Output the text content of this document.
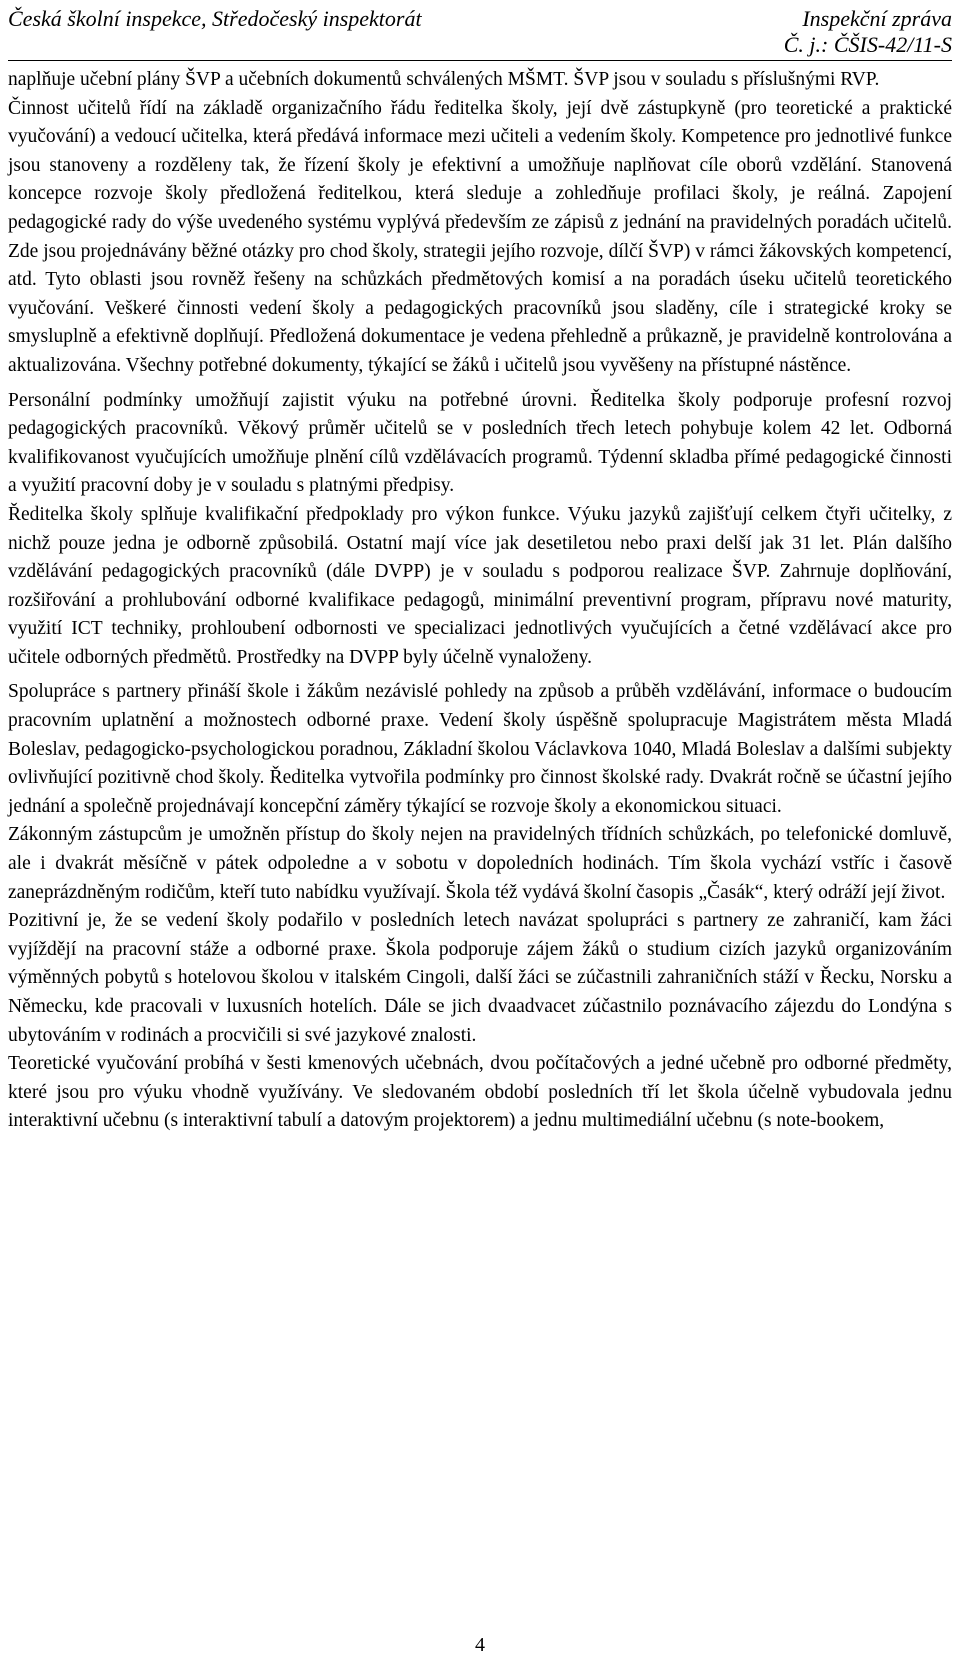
Česká školní inspekce, Středočeský inspektorát	Inspekční zpráva
Č. j.: ČŠIS-42/11-S

naplňuje učební plány ŠVP a učebních dokumentů schválených MŠMT. ŠVP jsou v souladu s příslušnými RVP.

Činnost učitelů řídí na základě organizačního řádu ředitelka školy, její dvě zástupkyně (pro teoretické a praktické vyučování) a vedoucí učitelka, která předává informace mezi učiteli a vedením školy. Kompetence pro jednotlivé funkce jsou stanoveny a rozděleny tak, že řízení školy je efektivní a umožňuje naplňovat cíle oborů vzdělání. Stanovená koncepce rozvoje školy předložená ředitelkou, která sleduje a zohledňuje profilaci školy, je reálná. Zapojení pedagogické rady do výše uvedeného systému vyplývá především ze zápisů z jednání na pravidelných poradách učitelů. Zde jsou projednávány běžné otázky pro chod školy, strategii jejího rozvoje, dílčí ŠVP) v rámci žákovských kompetencí, atd. Tyto oblasti jsou rovněž řešeny na schůzkách předmětových komisí a na poradách úseku učitelů teoretického vyučování. Veškeré činnosti vedení školy a pedagogických pracovníků jsou sladěny, cíle i strategické kroky se smysluplně a efektivně doplňují. Předložená dokumentace je vedena přehledně a průkazně, je pravidelně kontrolována a aktualizována. Všechny potřebné dokumenty, týkající se žáků i učitelů jsou vyvěšeny na přístupné nástěnce.

Personální podmínky umožňují zajistit výuku na potřebné úrovni. Ředitelka školy podporuje profesní rozvoj pedagogických pracovníků. Věkový průměr učitelů se v posledních třech letech pohybuje kolem 42 let. Odborná kvalifikovanost vyučujících umožňuje plnění cílů vzdělávacích programů. Týdenní skladba přímé pedagogické činnosti a využití pracovní doby je v souladu s platnými předpisy.

Ředitelka školy splňuje kvalifikační předpoklady pro výkon funkce. Výuku jazyků zajišťují celkem čtyři učitelky, z nichž pouze jedna je odborně způsobilá. Ostatní mají více jak desetiletou nebo praxi delší jak 31 let. Plán dalšího vzdělávání pedagogických pracovníků (dále DVPP) je v souladu s podporou realizace ŠVP. Zahrnuje doplňování, rozšiřování a prohlubování odborné kvalifikace pedagogů, minimální preventivní program, přípravu nové maturity, využití ICT techniky, prohloubení odbornosti ve specializaci jednotlivých vyučujících a četné vzdělávací akce pro učitele odborných předmětů. Prostředky na DVPP byly účelně vynaloženy.

Spolupráce s partnery přináší škole i žákům nezávislé pohledy na způsob a průběh vzdělávání, informace o budoucím pracovním uplatnění a možnostech odborné praxe. Vedení školy úspěšně spolupracuje Magistrátem města Mladá Boleslav, pedagogicko-psychologickou poradnou, Základní školou Václavkova 1040, Mladá Boleslav a dalšími subjekty ovlivňující pozitivně chod školy. Ředitelka vytvořila podmínky pro činnost školské rady. Dvakrát ročně se účastní jejího jednání a společně projednávají koncepční záměry týkající se rozvoje školy a ekonomickou situaci.

Zákonným zástupcům je umožněn přístup do školy nejen na pravidelných třídních schůzkách, po telefonické domluvě, ale i dvakrát měsíčně v pátek odpoledne a v sobotu v dopoledních hodinách. Tím škola vychází vstříc i časově zaneprázdněným rodičům, kteří tuto nabídku využívají. Škola též vydává školní časopis „Časák“, který odráží její život.

Pozitivní je, že se vedení školy podařilo v posledních letech navázat spolupráci s partnery ze zahraničí, kam žáci vyjíždějí na pracovní stáže a odborné praxe. Škola podporuje zájem žáků o studium cizích jazyků organizováním výměnných pobytů s hotelovou školou v italském Cingoli, další žáci se zúčastnili zahraničních stáží v Řecku, Norsku a Německu, kde pracovali v luxusních hotelích. Dále se jich dvaadvacet zúčastnilo poznávacího zájezdu do Londýna s ubytováním v rodinách a procvičili si své jazykové znalosti.

Teoretické vyučování probíhá v šesti kmenových učebnách, dvou počítačových a jedné učebně pro odborné předměty, které jsou pro výuku vhodně využívány. Ve sledovaném období posledních tří let škola účelně vybudovala jednu interaktivní učebnu (s interaktivní tabulí a datovým projektorem) a jednu multimediální učebnu (s note-bookem,

4
